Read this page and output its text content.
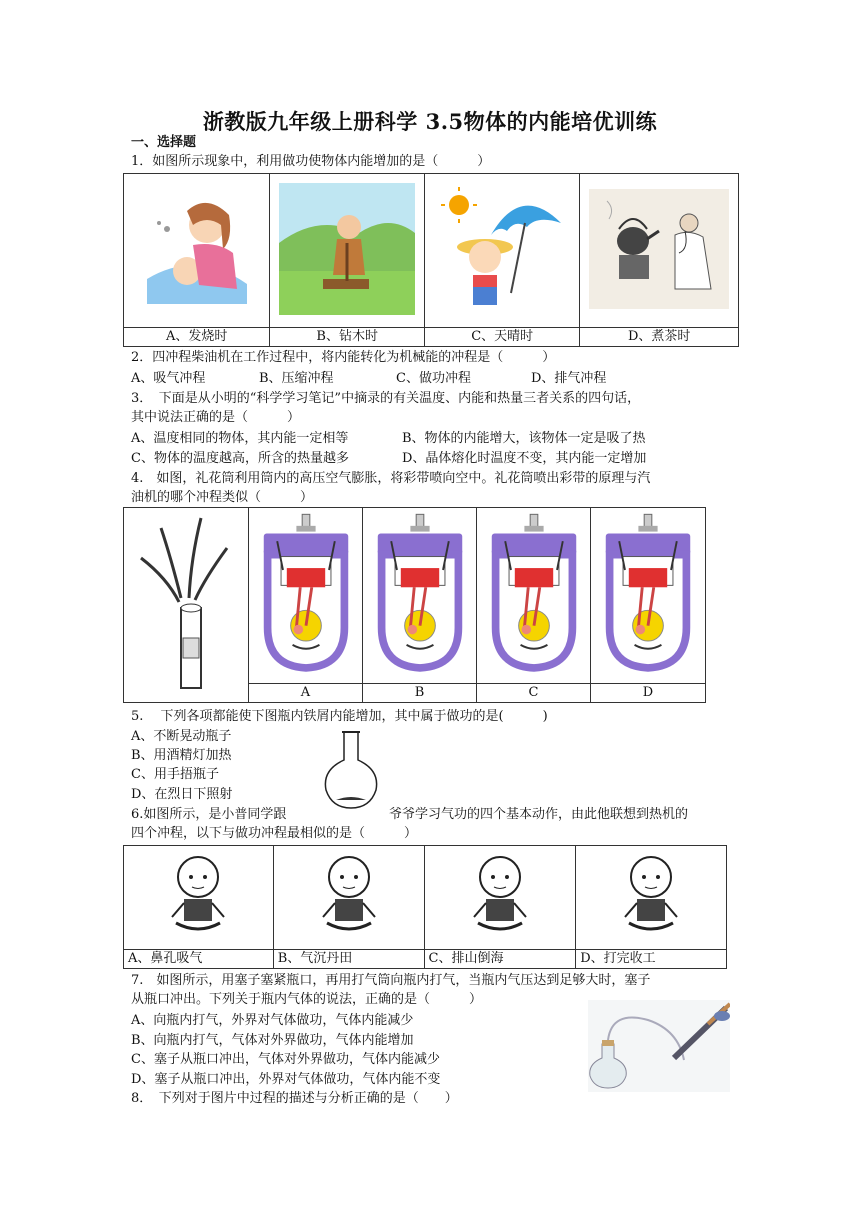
浙教版九年级上册科学 3.5物体的内能培优训练
一、选择题
1．如图所示现象中，利用做功使物体内能增加的是（　　　）

A、发烧时	B、钻木时	C、天晴时	D、煮茶时
2．四冲程柴油机在工作过程中，将内能转化为机械能的冲程是（　　　）
A、吸气冲程	B、压缩冲程	C、做功冲程	D、排气冲程
3．　下面是从小明的“科学学习笔记”中摘录的有关温度、内能和热量三者关系的四句话，
其中说法正确的是（　　　）
A、温度相同的物体，其内能一定相等	B、物体的内能增大，该物体一定是吸了热
C、物体的温度越高，所含的热量越多	D、晶体熔化时温度不变，其内能一定增加
4.　如图，礼花筒利用筒内的高压空气膨胀，将彩带喷向空中。礼花筒喷出彩带的原理与汽
油机的哪个冲程类似（　　　）

	A	B	C	D
5.　 下列各项都能使下图瓶内铁屑内能增加，其中属于做功的是(　　　)
A、不断晃动瓶子
B、用酒精灯加热
C、用手捂瓶子
D、在烈日下照射
6.如图所示，是小普同学跟	爷爷学习气功的四个基本动作，由此他联想到热机的
四个冲程，以下与做功冲程最相似的是（　　　）

A、鼻孔吸气	B、气沉丹田	C、排山倒海	D、打完收工
7.　如图所示，用塞子塞紧瓶口，再用打气筒向瓶内打气，当瓶内气压达到足够大时，塞子
从瓶口冲出。下列关于瓶内气体的说法，正确的是（　　　）
A、向瓶内打气，外界对气体做功，气体内能减少
B、向瓶内打气，气体对外界做功，气体内能增加
C、塞子从瓶口冲出，气体对外界做功，气体内能减少
D、塞子从瓶口冲出，外界对气体做功，气体内能不变
8．　下列对于图片中过程的描述与分析正确的是（　　）
